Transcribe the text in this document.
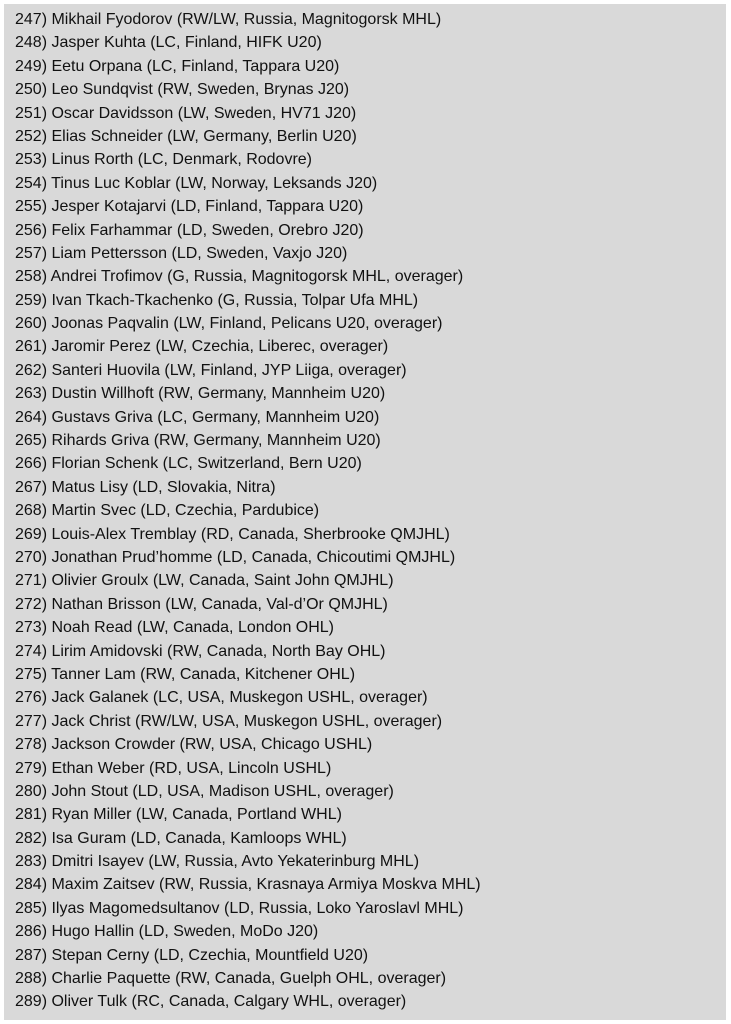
247) Mikhail Fyodorov (RW/LW, Russia, Magnitogorsk MHL)
248) Jasper Kuhta (LC, Finland, HIFK U20)
249) Eetu Orpana (LC, Finland, Tappara U20)
250) Leo Sundqvist (RW, Sweden, Brynas J20)
251) Oscar Davidsson (LW, Sweden, HV71 J20)
252) Elias Schneider (LW, Germany, Berlin U20)
253) Linus Rorth (LC, Denmark, Rodovre)
254) Tinus Luc Koblar (LW, Norway, Leksands J20)
255) Jesper Kotajarvi (LD, Finland, Tappara U20)
256) Felix Farhammar (LD, Sweden, Orebro J20)
257) Liam Pettersson (LD, Sweden, Vaxjo J20)
258) Andrei Trofimov (G, Russia, Magnitogorsk MHL, overager)
259) Ivan Tkach-Tkachenko (G, Russia, Tolpar Ufa MHL)
260) Joonas Paqvalin (LW, Finland, Pelicans U20, overager)
261) Jaromir Perez (LW, Czechia, Liberec, overager)
262) Santeri Huovila (LW, Finland, JYP Liiga, overager)
263) Dustin Willhoft (RW, Germany, Mannheim U20)
264) Gustavs Griva (LC, Germany, Mannheim U20)
265) Rihards Griva (RW, Germany, Mannheim U20)
266) Florian Schenk (LC, Switzerland, Bern U20)
267) Matus Lisy (LD, Slovakia, Nitra)
268) Martin Svec (LD, Czechia, Pardubice)
269) Louis-Alex Tremblay (RD, Canada, Sherbrooke QMJHL)
270) Jonathan Prud’homme (LD, Canada, Chicoutimi QMJHL)
271) Olivier Groulx (LW, Canada, Saint John QMJHL)
272) Nathan Brisson (LW, Canada, Val-d’Or QMJHL)
273) Noah Read (LW, Canada, London OHL)
274) Lirim Amidovski (RW, Canada, North Bay OHL)
275) Tanner Lam (RW, Canada, Kitchener OHL)
276) Jack Galanek (LC, USA, Muskegon USHL, overager)
277) Jack Christ (RW/LW, USA, Muskegon USHL, overager)
278) Jackson Crowder (RW, USA, Chicago USHL)
279) Ethan Weber (RD, USA, Lincoln USHL)
280) John Stout (LD, USA, Madison USHL, overager)
281) Ryan Miller (LW, Canada, Portland WHL)
282) Isa Guram (LD, Canada, Kamloops WHL)
283) Dmitri Isayev (LW, Russia, Avto Yekaterinburg MHL)
284) Maxim Zaitsev (RW, Russia, Krasnaya Armiya Moskva MHL)
285) Ilyas Magomedsultanov (LD, Russia, Loko Yaroslavl MHL)
286) Hugo Hallin (LD, Sweden, MoDo J20)
287) Stepan Cerny (LD, Czechia, Mountfield U20)
288) Charlie Paquette (RW, Canada, Guelph OHL, overager)
289) Oliver Tulk (RC, Canada, Calgary WHL, overager)
